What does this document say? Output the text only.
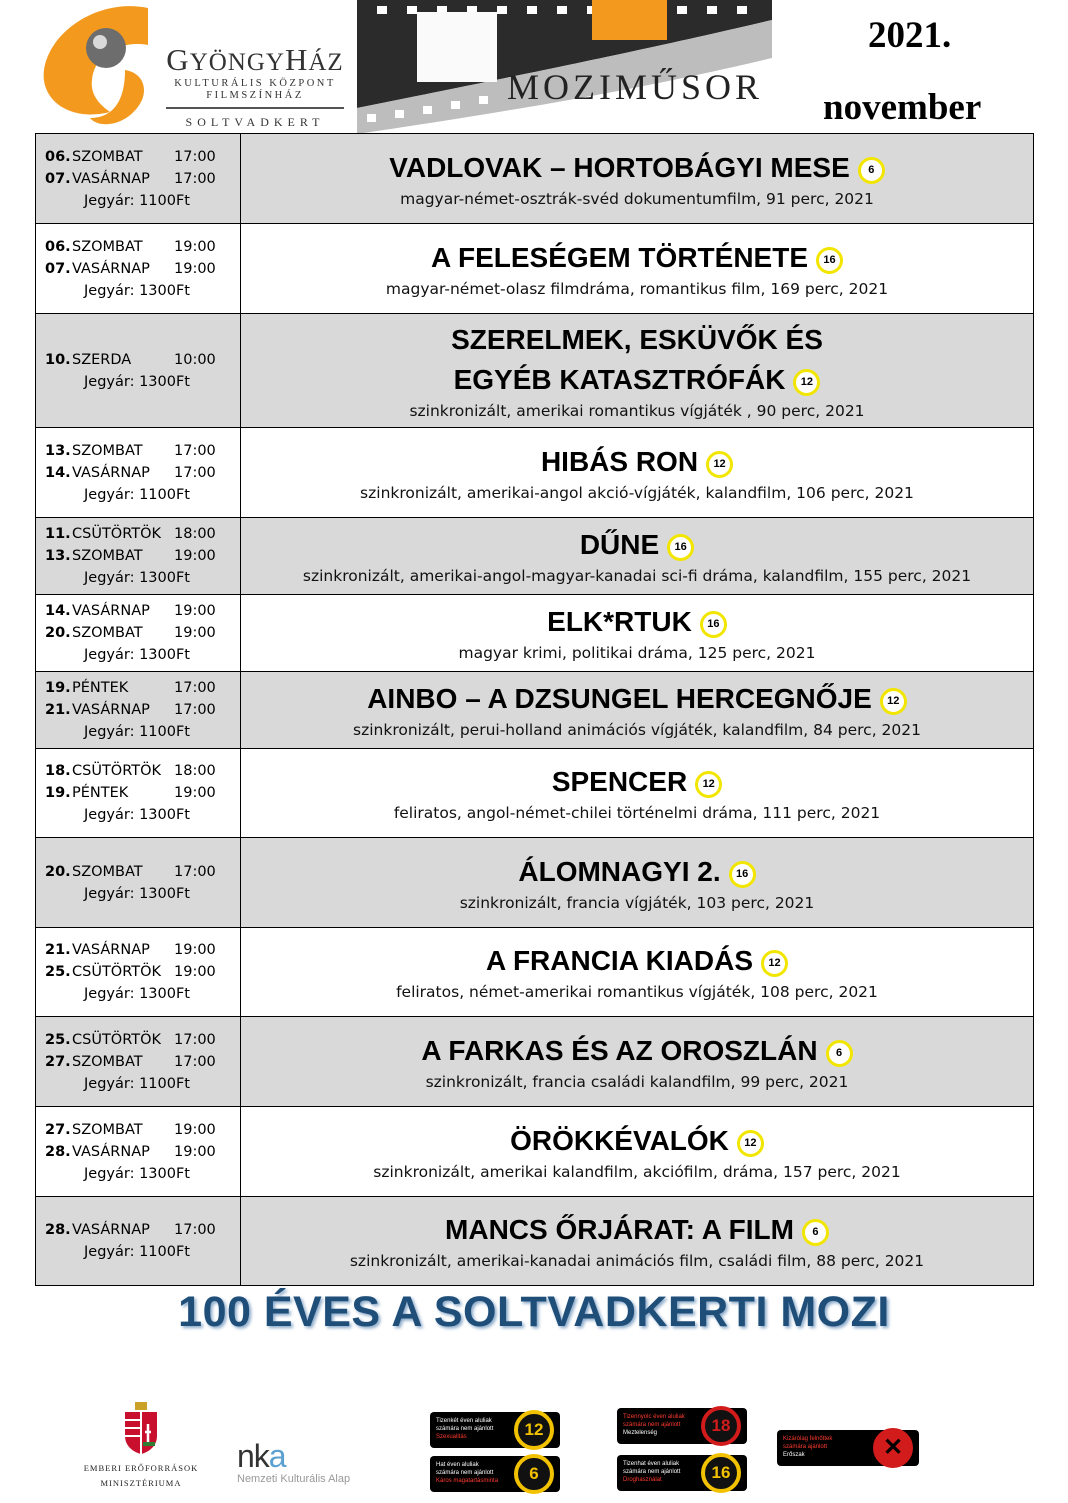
GYÖNGYHÁZ
KULTURÁLIS KÖZPONT
FILMSZÍNHÁZ
SOLTVADKERT
MOZIMŰSOR
2021.
november
06. SZOMBAT	17:00
07. VASÁRNAP	17:00
Jegyár: 1100Ft
VADLOVAK – HORTOBÁGYI MESE 6
magyar-német-osztrák-svéd dokumentumfilm, 91 perc, 2021
06. SZOMBAT	19:00
07. VASÁRNAP	19:00
Jegyár: 1300Ft
A FELESÉGEM TÖRTÉNETE 16
magyar-német-olasz filmdráma, romantikus film, 169 perc, 2021
10. SZERDA	10:00
Jegyár: 1300Ft
SZERELMEK, ESKÜVŐK ÉS
EGYÉB KATASZTRÓFÁK 12
szinkronizált, amerikai romantikus vígjáték , 90 perc, 2021
13. SZOMBAT	17:00
14. VASÁRNAP	17:00
Jegyár: 1100Ft
HIBÁS RON 12
szinkronizált, amerikai-angol akció-vígjáték, kalandfilm, 106 perc, 2021
11. CSÜTÖRTÖK 18:00
13. SZOMBAT	19:00
Jegyár: 1300Ft
DŰNE 16
szinkronizált, amerikai-angol-magyar-kanadai sci-fi dráma, kalandfilm, 155 perc, 2021
14. VASÁRNAP	19:00
20. SZOMBAT	19:00
Jegyár: 1300Ft
ELK*RTUK 16
magyar krimi, politikai dráma, 125 perc, 2021
19. PÉNTEK	17:00
21. VASÁRNAP	17:00
Jegyár: 1100Ft
AINBO – A DZSUNGEL HERCEGNŐJE 12
szinkronizált, perui-holland animációs vígjáték, kalandfilm, 84 perc, 2021
18. CSÜTÖRTÖK 18:00
19. PÉNTEK	19:00
Jegyár: 1300Ft
SPENCER 12
feliratos, angol-német-chilei történelmi dráma, 111 perc, 2021
20. SZOMBAT	17:00
Jegyár: 1300Ft
ÁLOMNAGYI 2. 16
szinkronizált, francia vígjáték, 103 perc, 2021
21. VASÁRNAP	19:00
25. CSÜTÖRTÖK 19:00
Jegyár: 1300Ft
A FRANCIA KIADÁS 12
feliratos, német-amerikai romantikus vígjáték, 108 perc, 2021
25. CSÜTÖRTÖK 17:00
27. SZOMBAT	17:00
Jegyár: 1100Ft
A FARKAS ÉS AZ OROSZLÁN 6
szinkronizált, francia családi kalandfilm, 99 perc, 2021
27. SZOMBAT	19:00
28. VASÁRNAP	19:00
Jegyár: 1300Ft
ÖRÖKKÉVALÓK 12
szinkronizált, amerikai kalandfilm, akciófilm, dráma, 157 perc, 2021
28. VASÁRNAP	17:00
Jegyár: 1100Ft
MANCS ŐRJÁRAT: A FILM 6
szinkronizált, amerikai-kanadai animációs film, családi film, 88 perc, 2021
100 ÉVES A SOLTVADKERTI MOZI
EMBERI ERŐFORRÁSOK
MINISZTÉRIUMA
nka
Nemzeti Kulturális Alap
Tizenkét éven aluliak
számára nem ajánlott
Szexualitás	12
Hat éven aluliak
számára nem ajánlott
Káros magatartásminta	6
Tizennyolc éven aluliak
számára nem ajánlott
Meztelenség	18
Tizenhat éven aluliak
számára nem ajánlott
Droghasználat	16
Kizárólag felnőttek
számára ajánlott
Erőszak	✕
